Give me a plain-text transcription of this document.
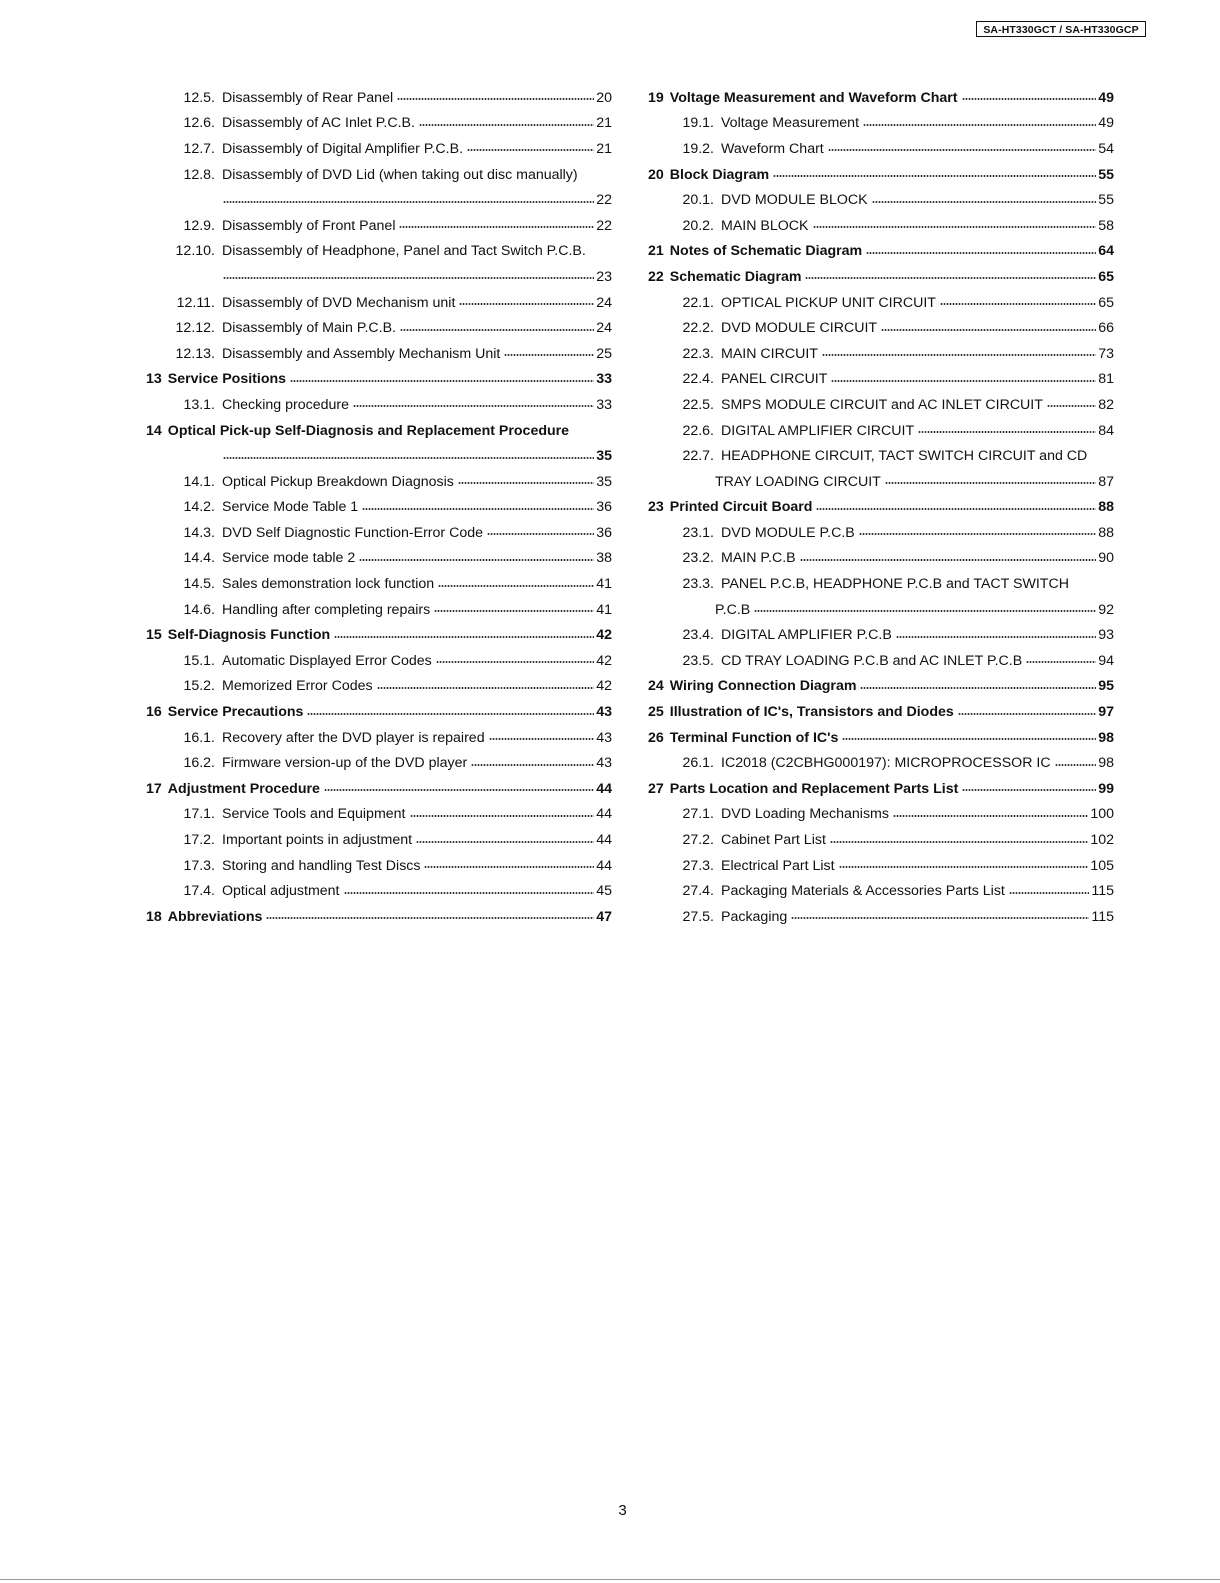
SA-HT330GCT / SA-HT330GCP
12.5. Disassembly of Rear Panel	20
12.6. Disassembly of AC Inlet P.C.B.	21
12.7. Disassembly of Digital Amplifier P.C.B.	21
12.8. Disassembly of DVD Lid (when taking out disc manually)
22
12.9. Disassembly of Front Panel	22
12.10. Disassembly of Headphone, Panel and Tact Switch P.C.B.
23
12.11. Disassembly of DVD Mechanism unit	24
12.12. Disassembly of Main P.C.B.	24
12.13. Disassembly and Assembly Mechanism Unit	25
13 Service Positions	33
13.1. Checking procedure	33
14 Optical Pick-up Self-Diagnosis and Replacement Procedure
35
14.1. Optical Pickup Breakdown Diagnosis	35
14.2. Service Mode Table 1	36
14.3. DVD Self Diagnostic Function-Error Code	36
14.4. Service mode table 2	38
14.5. Sales demonstration lock function	41
14.6. Handling after completing repairs	41
15 Self-Diagnosis Function	42
15.1. Automatic Displayed Error Codes	42
15.2. Memorized Error Codes	42
16 Service Precautions	43
16.1. Recovery after the DVD player is repaired	43
16.2. Firmware version-up of the DVD player	43
17 Adjustment Procedure	44
17.1. Service Tools and Equipment	44
17.2. Important points in adjustment	44
17.3. Storing and handling Test Discs	44
17.4. Optical adjustment	45
18 Abbreviations	47
19 Voltage Measurement and Waveform Chart	49
19.1. Voltage Measurement	49
19.2. Waveform Chart	54
20 Block Diagram	55
20.1. DVD MODULE BLOCK	55
20.2. MAIN BLOCK	58
21 Notes of Schematic Diagram	64
22 Schematic Diagram	65
22.1. OPTICAL PICKUP UNIT CIRCUIT	65
22.2. DVD MODULE CIRCUIT	66
22.3. MAIN CIRCUIT	73
22.4. PANEL CIRCUIT	81
22.5. SMPS MODULE CIRCUIT and AC INLET CIRCUIT	82
22.6. DIGITAL AMPLIFIER CIRCUIT	84
22.7. HEADPHONE CIRCUIT, TACT SWITCH CIRCUIT and CD
TRAY LOADING CIRCUIT	87
23 Printed Circuit Board	88
23.1. DVD MODULE P.C.B	88
23.2. MAIN P.C.B	90
23.3. PANEL P.C.B, HEADPHONE P.C.B and TACT SWITCH
P.C.B	92
23.4. DIGITAL AMPLIFIER P.C.B	93
23.5. CD TRAY LOADING P.C.B and AC INLET P.C.B	94
24 Wiring Connection Diagram	95
25 Illustration of IC's, Transistors and Diodes	97
26 Terminal Function of IC's	98
26.1. IC2018 (C2CBHG000197): MICROPROCESSOR IC	98
27 Parts Location and Replacement Parts List	99
27.1. DVD Loading Mechanisms	100
27.2. Cabinet Part List	102
27.3. Electrical Part List	105
27.4. Packaging Materials & Accessories Parts List	115
27.5. Packaging	115
3
